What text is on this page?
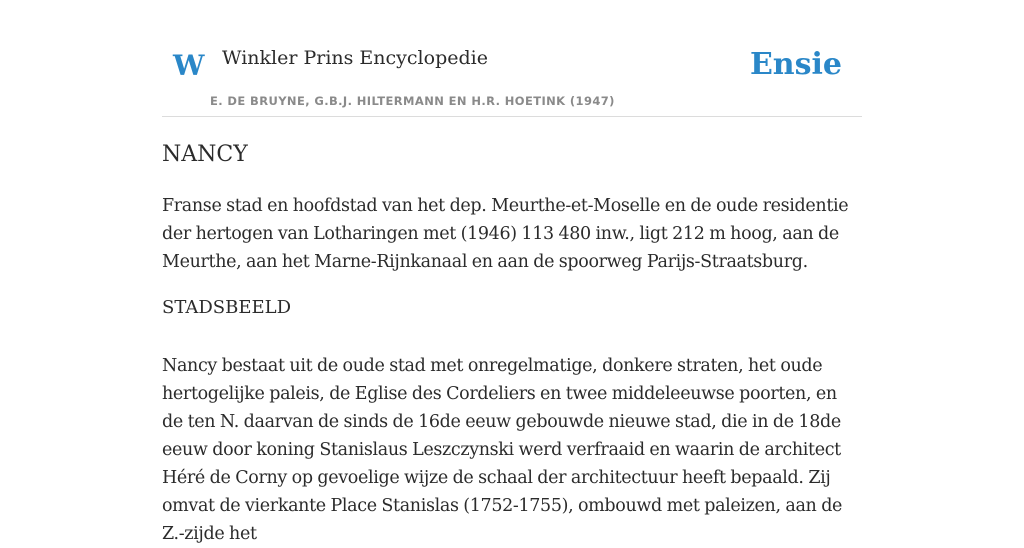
W Winkler Prins Encyclopedie
E. DE BRUYNE, G.B.J. HILTERMANN EN H.R. HOETINK (1947)
Ensie
NANCY

Franse stad en hoofdstad van het dep. Meurthe-et-Moselle en de oude residentie der hertogen van Lotharingen met (1946) 113 480 inw., ligt 212 m hoog, aan de Meurthe, aan het Marne-Rijnkanaal en aan de spoorweg Parijs-Straatsburg.

STADSBEELD

Nancy bestaat uit de oude stad met onregelmatige, donkere straten, het oude hertogelijke paleis, de Eglise des Cordeliers en twee middeleeuwse poorten, en de ten N. daarvan de sinds de 16de eeuw gebouwde nieuwe stad, die in de 18de eeuw door koning Stanislaus Leszczynski werd verfraaid en waarin de architect Héré de Corny op gevoelige wijze de schaal der architectuur heeft bepaald. Zij omvat de vierkante Place Stanislas (1752-1755), ombouwd met paleizen, aan de Z.-zijde het
